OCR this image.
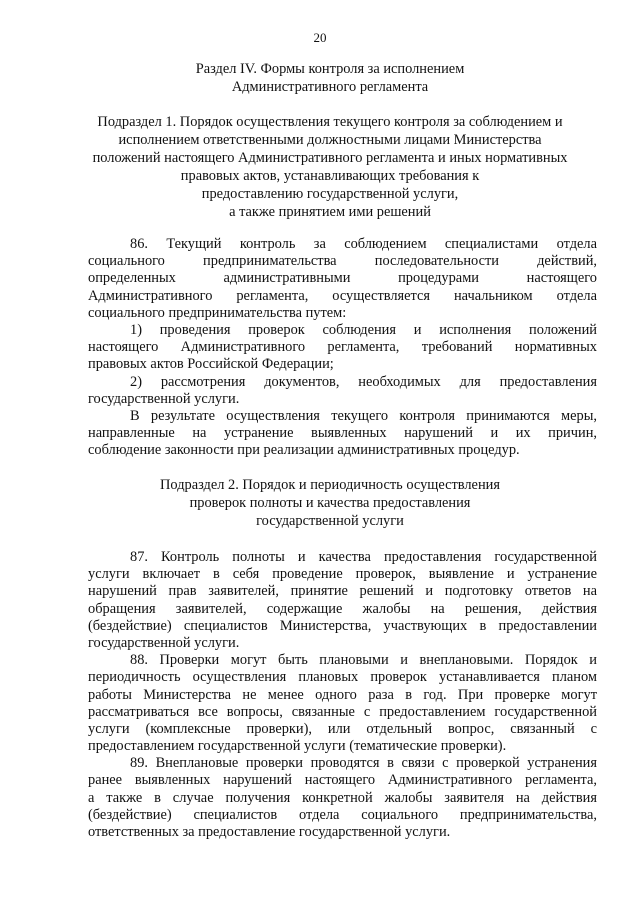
20
Раздел IV. Формы контроля за исполнением
Административного регламента
Подраздел 1. Порядок осуществления текущего контроля за соблюдением и
исполнением ответственными должностными лицами Министерства
положений настоящего Административного регламента и иных нормативных
правовых актов, устанавливающих требования к
предоставлению государственной услуги,
а также принятием ими решений
86. Текущий контроль за соблюдением специалистами отдела
социального предпринимательства последовательности действий,
определенных административными процедурами настоящего
Административного регламента, осуществляется начальником отдела
социального предпринимательства путем:
1) проведения проверок соблюдения и исполнения положений
настоящего Административного регламента, требований нормативных
правовых актов Российской Федерации;
2) рассмотрения документов, необходимых для предоставления
государственной услуги.
В результате осуществления текущего контроля принимаются меры,
направленные на устранение выявленных нарушений и их причин,
соблюдение законности при реализации административных процедур.
Подраздел 2. Порядок и периодичность осуществления
проверок полноты и качества предоставления
государственной услуги
87. Контроль полноты и качества предоставления государственной
услуги включает в себя проведение проверок, выявление и устранение
нарушений прав заявителей, принятие решений и подготовку ответов на
обращения заявителей, содержащие жалобы на решения, действия
(бездействие) специалистов Министерства, участвующих в предоставлении
государственной услуги.
88. Проверки могут быть плановыми и внеплановыми. Порядок и
периодичность осуществления плановых проверок устанавливается планом
работы Министерства не менее одного раза в год. При проверке могут
рассматриваться все вопросы, связанные с предоставлением государственной
услуги (комплексные проверки), или отдельный вопрос, связанный с
предоставлением государственной услуги (тематические проверки).
89. Внеплановые проверки проводятся в связи с проверкой устранения
ранее выявленных нарушений настоящего Административного регламента,
а также в случае получения конкретной жалобы заявителя на действия
(бездействие) специалистов отдела социального предпринимательства,
ответственных за предоставление государственной услуги.
